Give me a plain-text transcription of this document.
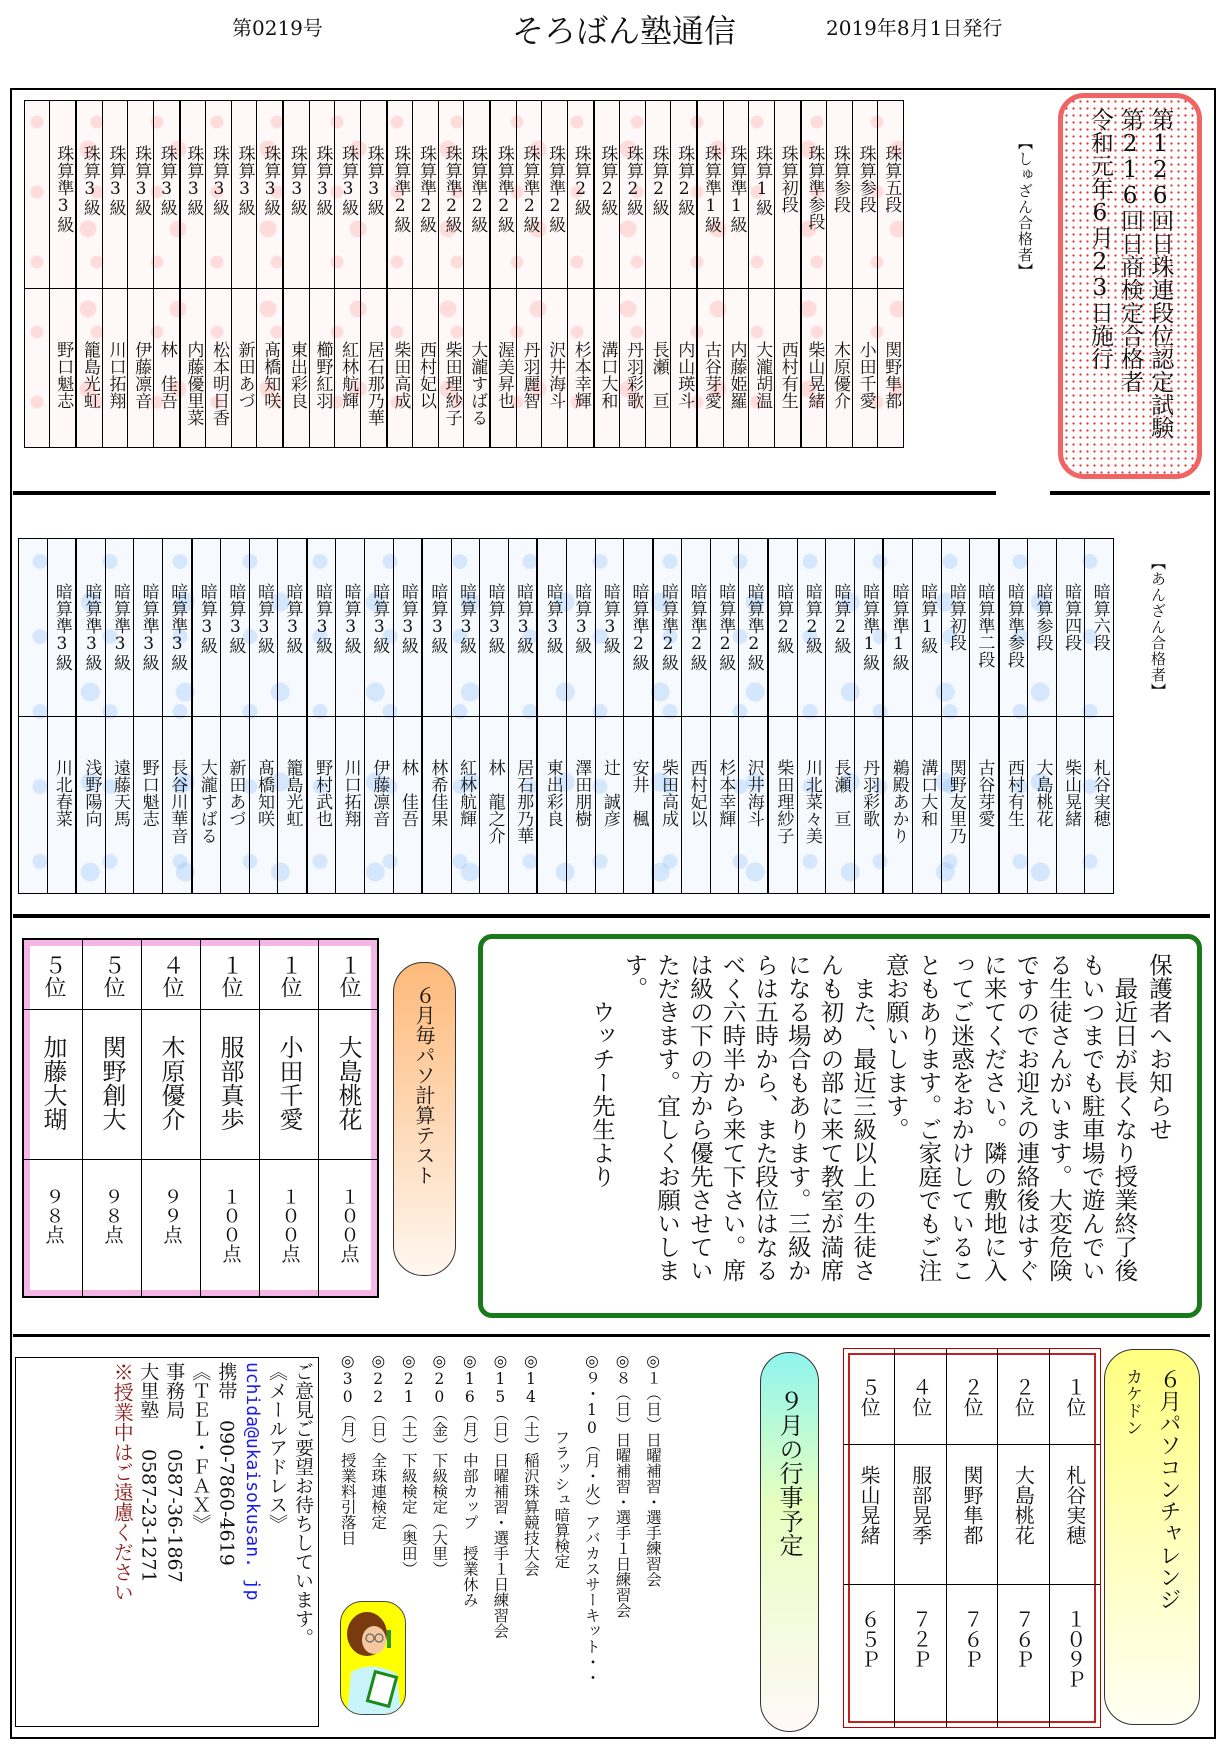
第0219号	そろばん塾通信	2019年8月1日発行
珠算五段
関野隼都
珠算参段
小田千愛
珠算参段
木原優介
珠算準参段
柴山晃緒
珠算初段
西村有生
珠算1級
大瀧胡温
珠算準1級
内藤姫羅
珠算準1級
古谷芽愛
珠算2級
内山瑛斗
珠算2級
長瀬　亘
珠算2級
丹羽彩歌
珠算2級
溝口大和
珠算2級
杉本幸輝
珠算準2級
沢井海斗
珠算準2級
丹羽麗智
珠算準2級
渥美昇也
珠算準2級
大瀧すばる
珠算準2級
柴田理紗子
珠算準2級
西村妃以
珠算準2級
柴田高成
珠算3級
居石那乃華
珠算3級
紅林航輝
珠算3級
櫛野紅羽
珠算3級
東出彩良
珠算3級
髙橋知咲
珠算3級
新田あづ
珠算3級
松本明日香
珠算3級
内藤優里菜
珠算3級
林　佳吾
珠算3級
伊藤凛音
珠算3級
川口拓翔
珠算3級
籠島光虹
珠算準3級
野口魁志
【しゅざん合格者】	第126回日珠連段位認定試験
第216回日商検定合格者
令和元年6月23日施行
暗算六段
札谷実穂
暗算四段
柴山晃緒
暗算参段
大島桃花
暗算準参段
西村有生
暗算準二段
古谷芽愛
暗算初段
関野友里乃
暗算1級
溝口大和
暗算準1級
鵜殿あかり
暗算準1級
丹羽彩歌
暗算2級
長瀬　亘
暗算2級
川北菜々美
暗算2級
柴田理紗子
暗算準2級
沢井海斗
暗算準2級
杉本幸輝
暗算準2級
西村妃以
暗算準2級
柴田高成
暗算準2級
安井　楓
暗算3級
辻　誠彦
暗算3級
澤田朋樹
暗算3級
東出彩良
暗算3級
居石那乃華
暗算3級
林　龍之介
暗算3級
紅林航輝
暗算3級
林希佳果
暗算3級
林　佳吾
暗算3級
伊藤凛音
暗算3級
川口拓翔
暗算3級
野村武也
暗算3級
籠島光虹
暗算3級
髙橋知咲
暗算3級
新田あづ
暗算3級
大瀧すばる
暗算準3級
長谷川華音
暗算準3級
野口魁志
暗算準3級
遠藤天馬
暗算準3級
浅野陽向
暗算準3級
川北春菜
【あんざん合格者】
１位
大島桃花
１００点
１位
小田千愛
１００点
１位
服部真歩
１００点
４位
木原優介
９９点
５位
関野創大
９８点
５位
加藤大瑚
９８点
６月毎パソ計算テスト	保護者へお知らせ

　最近日が長くなり授業終了後もいつまでも駐車場で遊んでいる生徒さんがいます。大変危険ですのでお迎えの連絡後はすぐに来てください。隣の敷地に入ってご迷惑をおかけしていることもあります。ご家庭でもご注意お願いします。

　また、最近三級以上の生徒さんも初めの部に来て教室が満席になる場合もあります。三級からは五時から、また段位はなるべく六時半から来て下さい。席は級の下の方から優先させていただきます。宜しくお願いします。

　　ウッチー先生より

ご意見ご要望お待ちしています。
《メールアドレス》
uchida@ukaisokusan. jp
携帯090-7860-4619
《ＴＥＬ・ＦＡＸ》
事務局0587-36-1867
大里塾0587-23-1271
※授業中はご遠慮ください	◎１（日）日曜補習・選手練習会
◎８（日）日曜補習・選手１日練習会
◎９・10（月・火）アバカスサーキット・・
　　　　　フラッシュ暗算検定
◎14（土）稲沢珠算競技大会
◎15（日）日曜補習・選手１日練習会
◎16（月）中部カップ　授業休み
◎20（金）下級検定（大里）
◎21（土）下級検定（奥田）
◎22（日）全珠連検定
◎30（月）授業料引落日	９月の行事予定	１位
札谷実穂
１０９Ｐ
２位
大島桃花
７６Ｐ
２位
関野隼都
７６Ｐ
４位
服部晃季
７２Ｐ
５位
柴山晃緒
６５Ｐ
６月パソコンチャレンジ
カケドン
